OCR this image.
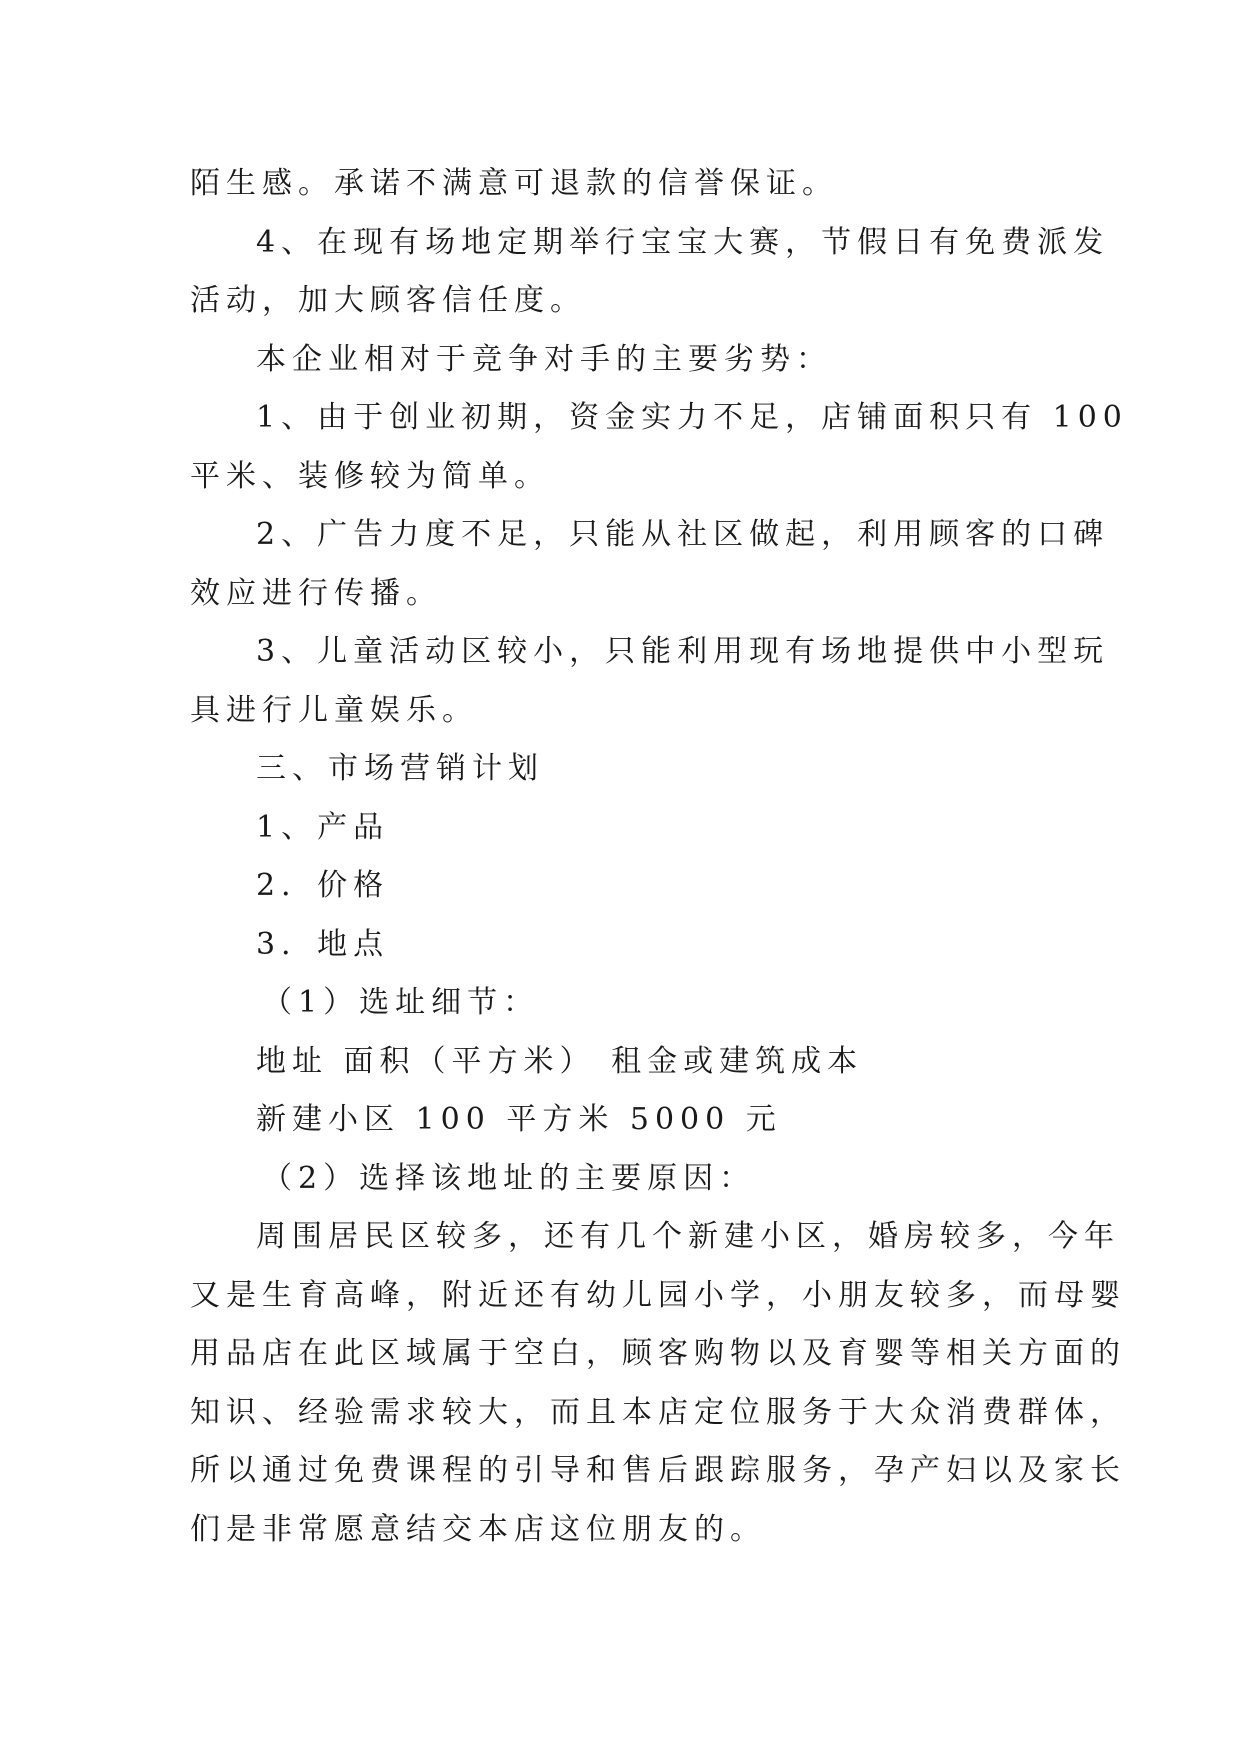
陌生感。承诺不满意可退款的信誉保证。
4、在现有场地定期举行宝宝大赛，节假日有免费派发
活动，加大顾客信任度。
本企业相对于竞争对手的主要劣势：
1、由于创业初期，资金实力不足，店铺面积只有 100
平米、装修较为简单。
2、广告力度不足，只能从社区做起，利用顾客的口碑
效应进行传播。
3、儿童活动区较小，只能利用现有场地提供中小型玩
具进行儿童娱乐。
三、市场营销计划
1、产品
2．价格
3．地点
（1）选址细节：
地址 面积（平方米） 租金或建筑成本
新建小区 100 平方米 5000 元
（2）选择该地址的主要原因：
周围居民区较多，还有几个新建小区，婚房较多，今年
又是生育高峰，附近还有幼儿园小学，小朋友较多，而母婴
用品店在此区域属于空白，顾客购物以及育婴等相关方面的
知识、经验需求较大，而且本店定位服务于大众消费群体，
所以通过免费课程的引导和售后跟踪服务，孕产妇以及家长
们是非常愿意结交本店这位朋友的。
